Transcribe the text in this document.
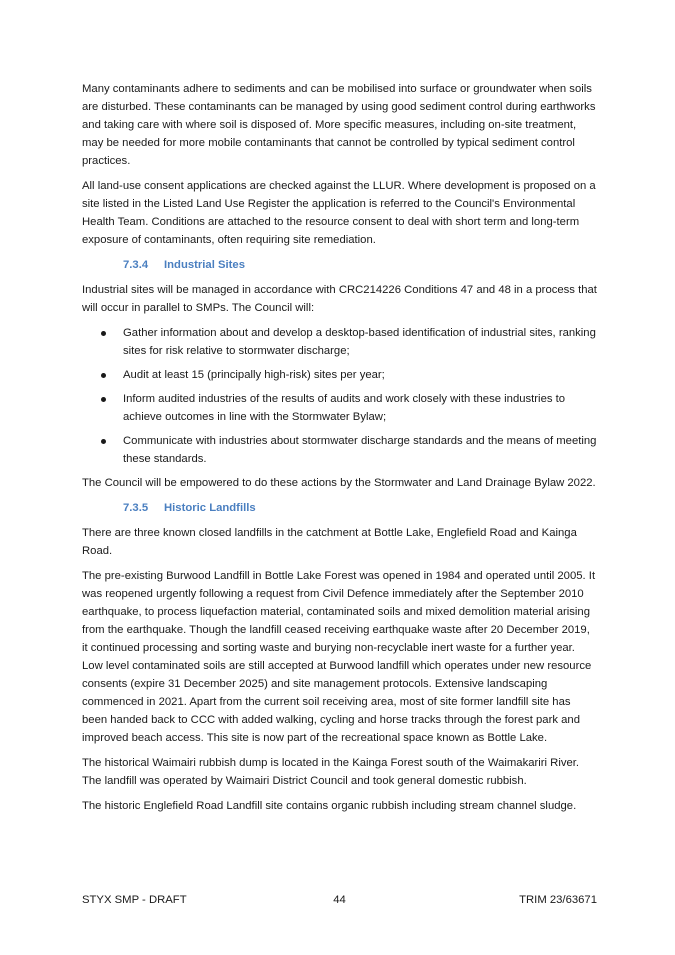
Many contaminants adhere to sediments and can be mobilised into surface or groundwater when soils are disturbed. These contaminants can be managed by using good sediment control during earthworks and taking care with where soil is disposed of. More specific measures, including on-site treatment, may be needed for more mobile contaminants that cannot be controlled by typical sediment control practices.

All land-use consent applications are checked against the LLUR. Where development is proposed on a site listed in the Listed Land Use Register the application is referred to the Council's Environmental Health Team. Conditions are attached to the resource consent to deal with short term and long-term exposure of contaminants, often requiring site remediation.

7.3.4 Industrial Sites

Industrial sites will be managed in accordance with CRC214226 Conditions 47 and 48 in a process that will occur in parallel to SMPs. The Council will:

Gather information about and develop a desktop-based identification of industrial sites, ranking sites for risk relative to stormwater discharge;
Audit at least 15 (principally high-risk) sites per year;
Inform audited industries of the results of audits and work closely with these industries to achieve outcomes in line with the Stormwater Bylaw;
Communicate with industries about stormwater discharge standards and the means of meeting these standards.

The Council will be empowered to do these actions by the Stormwater and Land Drainage Bylaw 2022.

7.3.5 Historic Landfills

There are three known closed landfills in the catchment at Bottle Lake, Englefield Road and Kainga Road.

The pre-existing Burwood Landfill in Bottle Lake Forest was opened in 1984 and operated until 2005. It was reopened urgently following a request from Civil Defence immediately after the September 2010 earthquake, to process liquefaction material, contaminated soils and mixed demolition material arising from the earthquake. Though the landfill ceased receiving earthquake waste after 20 December 2019, it continued processing and sorting waste and burying non-recyclable inert waste for a further year. Low level contaminated soils are still accepted at Burwood landfill which operates under new resource consents (expire 31 December 2025) and site management protocols. Extensive landscaping commenced in 2021. Apart from the current soil receiving area, most of site former landfill site has been handed back to CCC with added walking, cycling and horse tracks through the forest park and improved beach access. This site is now part of the recreational space known as Bottle Lake.

The historical Waimairi rubbish dump is located in the Kainga Forest south of the Waimakariri River. The landfill was operated by Waimairi District Council and took general domestic rubbish.

The historic Englefield Road Landfill site contains organic rubbish including stream channel sludge.

STYX SMP - DRAFT	44	TRIM 23/63671
